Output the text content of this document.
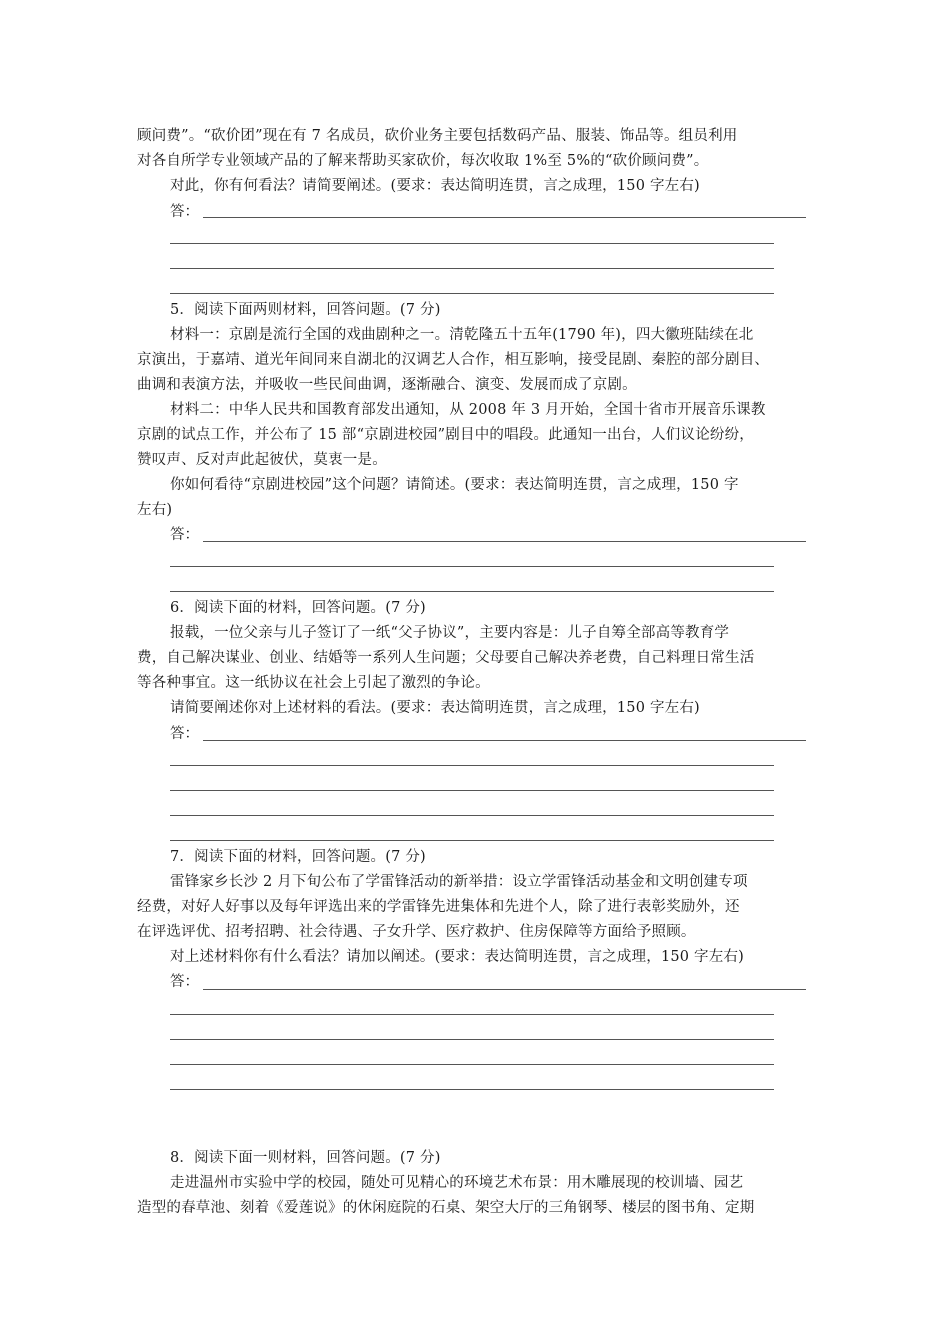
顾问费”。“砍价团”现在有 7 名成员，砍价业务主要包括数码产品、服装、饰品等。组员利用
对各自所学专业领域产品的了解来帮助买家砍价，每次收取 1%至 5%的“砍价顾问费”。
对此，你有何看法？请简要阐述。(要求：表达简明连贯，言之成理，150 字左右)
答：
5．阅读下面两则材料，回答问题。(7 分)
材料一：京剧是流行全国的戏曲剧种之一。清乾隆五十五年(1790 年)，四大徽班陆续在北
京演出，于嘉靖、道光年间同来自湖北的汉调艺人合作，相互影响，接受昆剧、秦腔的部分剧目、
曲调和表演方法，并吸收一些民间曲调，逐渐融合、演变、发展而成了京剧。
材料二：中华人民共和国教育部发出通知，从 2008 年 3 月开始，全国十省市开展音乐课教
京剧的试点工作，并公布了 15 部“京剧进校园”剧目中的唱段。此通知一出台，人们议论纷纷，
赞叹声、反对声此起彼伏，莫衷一是。
你如何看待“京剧进校园”这个问题？请简述。(要求：表达简明连贯，言之成理，150 字
左右)
答：
6．阅读下面的材料，回答问题。(7 分)
报载，一位父亲与儿子签订了一纸“父子协议”，主要内容是：儿子自筹全部高等教育学
费，自己解决谋业、创业、结婚等一系列人生问题；父母要自己解决养老费，自己料理日常生活
等各种事宜。这一纸协议在社会上引起了激烈的争论。
请简要阐述你对上述材料的看法。(要求：表达简明连贯，言之成理，150 字左右)
答：
7．阅读下面的材料，回答问题。(7 分)
雷锋家乡长沙 2 月下旬公布了学雷锋活动的新举措：设立学雷锋活动基金和文明创建专项
经费，对好人好事以及每年评选出来的学雷锋先进集体和先进个人，除了进行表彰奖励外，还
在评选评优、招考招聘、社会待遇、子女升学、医疗救护、住房保障等方面给予照顾。
对上述材料你有什么看法？请加以阐述。(要求：表达简明连贯，言之成理，150 字左右)
答：
8．阅读下面一则材料，回答问题。(7 分)
走进温州市实验中学的校园，随处可见精心的环境艺术布景：用木雕展现的校训墙、园艺
造型的春草池、刻着《爱莲说》的休闲庭院的石桌、架空大厅的三角钢琴、楼层的图书角、定期
